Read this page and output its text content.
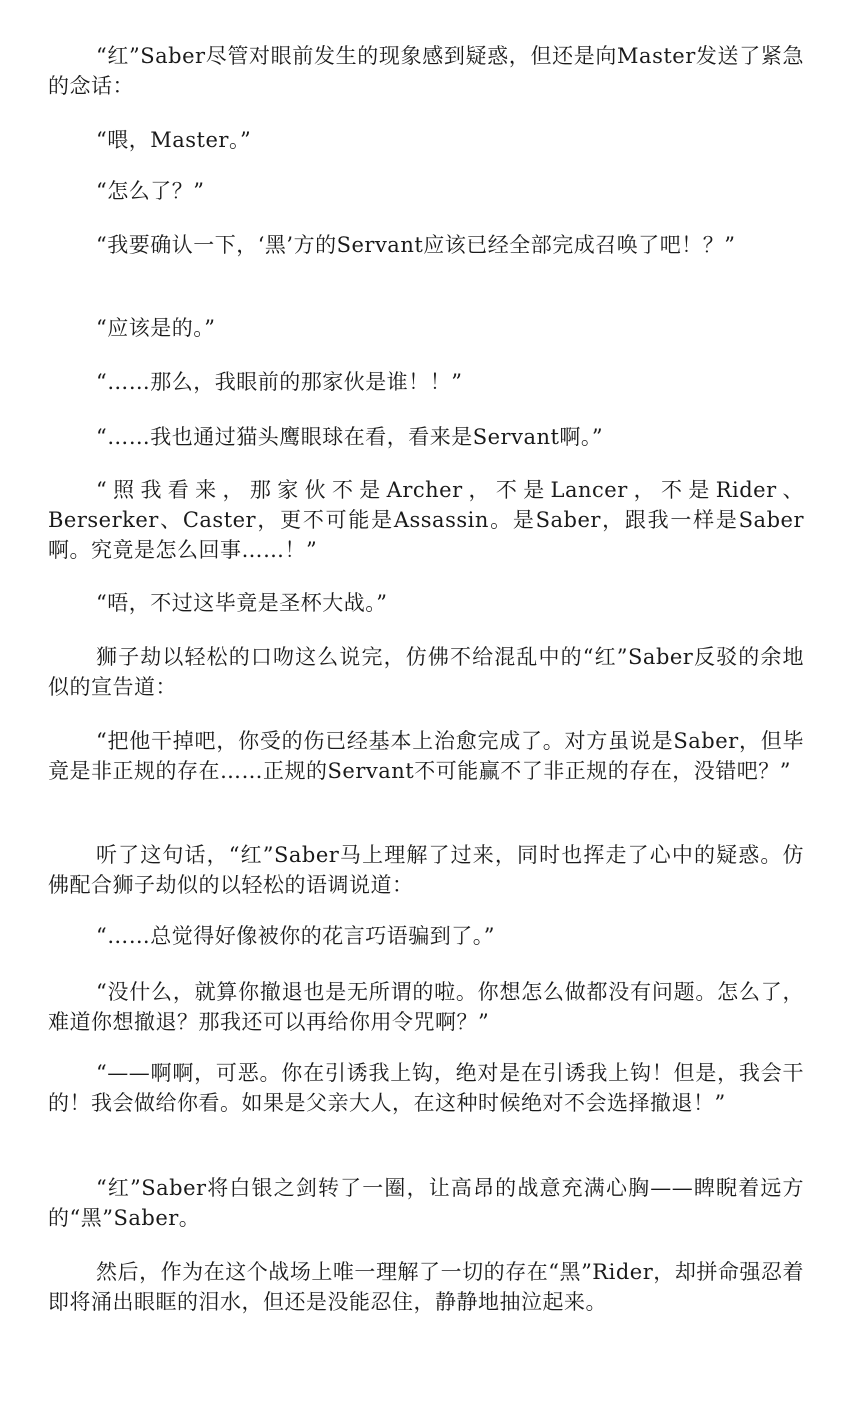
“红”Saber尽管对眼前发生的现象感到疑惑，但还是向Master发送了紧急的念话：

“喂，Master。”

“怎么了？”

“我要确认一下，‘黑’方的Servant应该已经全部完成召唤了吧！？”

“应该是的。”

“……那么，我眼前的那家伙是谁！！”

“……我也通过猫头鹰眼球在看，看来是Servant啊。”

“照我看来，那家伙不是Archer，不是Lancer，不是Rider、Berserker、Caster，更不可能是Assassin。是Saber，跟我一样是Saber啊。究竟是怎么回事……！”

“唔，不过这毕竟是圣杯大战。”

狮子劫以轻松的口吻这么说完，仿佛不给混乱中的“红”Saber反驳的余地似的宣告道：

“把他干掉吧，你受的伤已经基本上治愈完成了。对方虽说是Saber，但毕竟是非正规的存在……正规的Servant不可能赢不了非正规的存在，没错吧？”

听了这句话，“红”Saber马上理解了过来，同时也挥走了心中的疑惑。仿佛配合狮子劫似的以轻松的语调说道：

“……总觉得好像被你的花言巧语骗到了。”

“没什么，就算你撤退也是无所谓的啦。你想怎么做都没有问题。怎么了，难道你想撤退？那我还可以再给你用令咒啊？”

“——啊啊，可恶。你在引诱我上钩，绝对是在引诱我上钩！但是，我会干的！我会做给你看。如果是父亲大人，在这种时候绝对不会选择撤退！”

“红”Saber将白银之剑转了一圈，让高昂的战意充满心胸——睥睨着远方的“黑”Saber。

然后，作为在这个战场上唯一理解了一切的存在“黑”Rider，却拼命强忍着即将涌出眼眶的泪水，但还是没能忍住，静静地抽泣起来。
